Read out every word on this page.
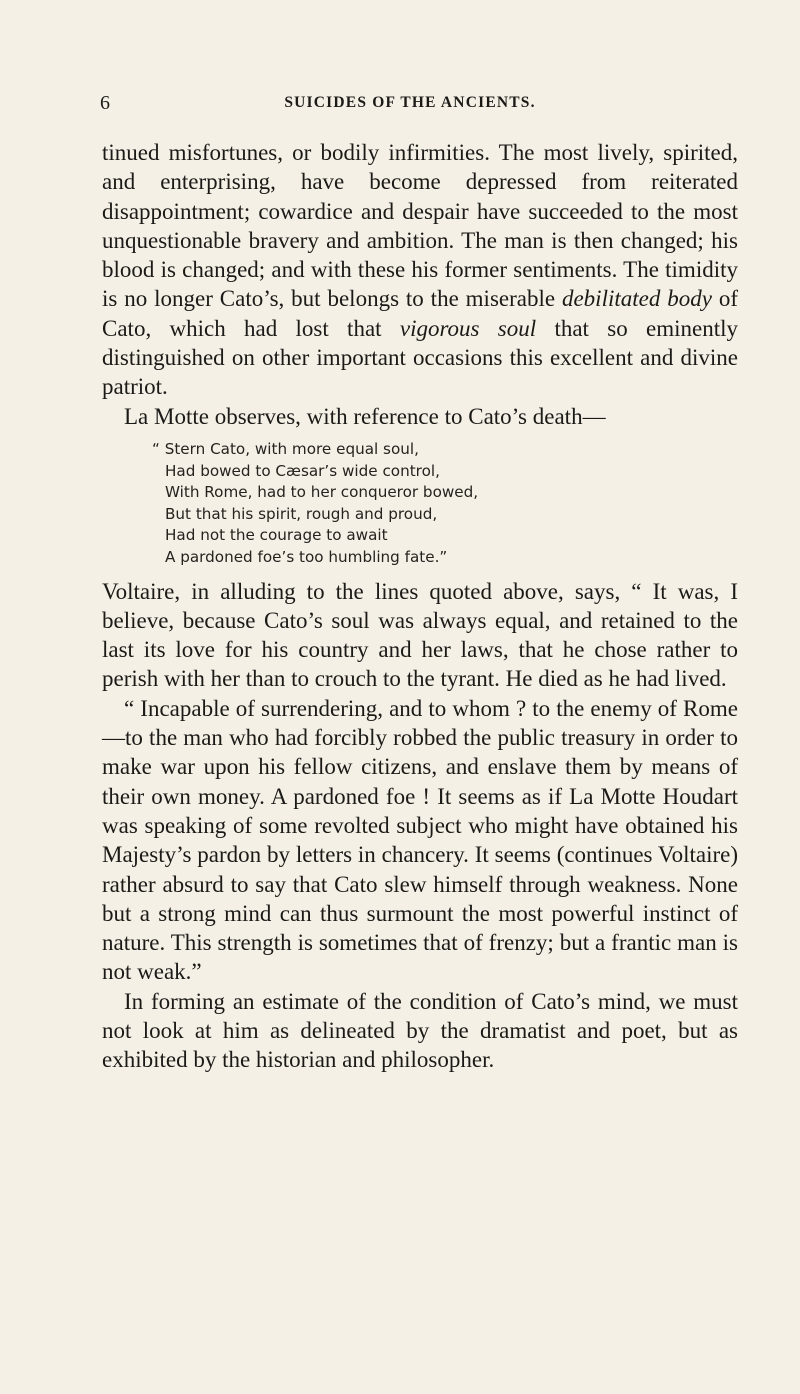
6	SUICIDES OF THE ANCIENTS.

tinued misfortunes, or bodily infirmities. The most lively, spirited, and enterprising, have become depressed from reiterated disappointment; cowardice and despair have succeeded to the most unquestionable bravery and ambition. The man is then changed; his blood is changed; and with these his former sentiments. The timidity is no longer Cato’s, but belongs to the miserable debilitated body of Cato, which had lost that vigorous soul that so eminently distinguished on other important occasions this excellent and divine patriot.

La Motte observes, with reference to Cato’s death—

“ Stern Cato, with more equal soul,
Had bowed to Cæsar’s wide control,
With Rome, had to her conqueror bowed,
But that his spirit, rough and proud,
Had not the courage to await
A pardoned foe’s too humbling fate.”

Voltaire, in alluding to the lines quoted above, says, “ It was, I believe, because Cato’s soul was always equal, and retained to the last its love for his country and her laws, that he chose rather to perish with her than to crouch to the tyrant. He died as he had lived.

“ Incapable of surrendering, and to whom ? to the enemy of Rome—to the man who had forcibly robbed the public treasury in order to make war upon his fellow citizens, and enslave them by means of their own money. A pardoned foe ! It seems as if La Motte Houdart was speaking of some revolted subject who might have obtained his Majesty’s pardon by letters in chancery. It seems (continues Voltaire) rather absurd to say that Cato slew himself through weakness. None but a strong mind can thus surmount the most powerful instinct of nature. This strength is sometimes that of frenzy; but a frantic man is not weak.”

In forming an estimate of the condition of Cato’s mind, we must not look at him as delineated by the dramatist and poet, but as exhibited by the historian and philosopher.
